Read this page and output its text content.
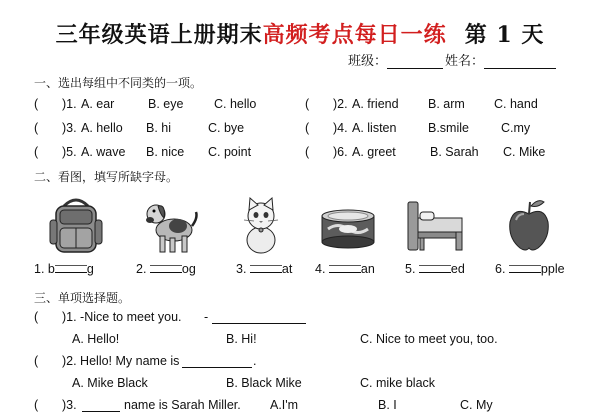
三年级英语上册期末高频考点每日一练 第 1 天
班级：	姓名：
一、选出每组中不同类的一项。
( )1. A. ear	B. eye C. hello	( )2. A. friend B. arm C. hand
( )3. A. hello B. hi	C. bye	( )4. A. listen	B.smile	C.my
( )5. A. wave B. nice C. point	( )6. A. greet	B. Sarah C. Mike
二、看图，填写所缺字母。
1. b	g	2.	og	3.	at 4.	an 5.	ed 6.	pple
三、单项选择题。
( )1. -Nice to meet you. -
A. Hello!	B. Hi!	C. Nice to meet you, too.
( )2. Hello! My name is	.
A. Mike Black	B. Black Mike	C. mike black
( )3.	name is Sarah Miller. A.I'm	B. I	C. My
